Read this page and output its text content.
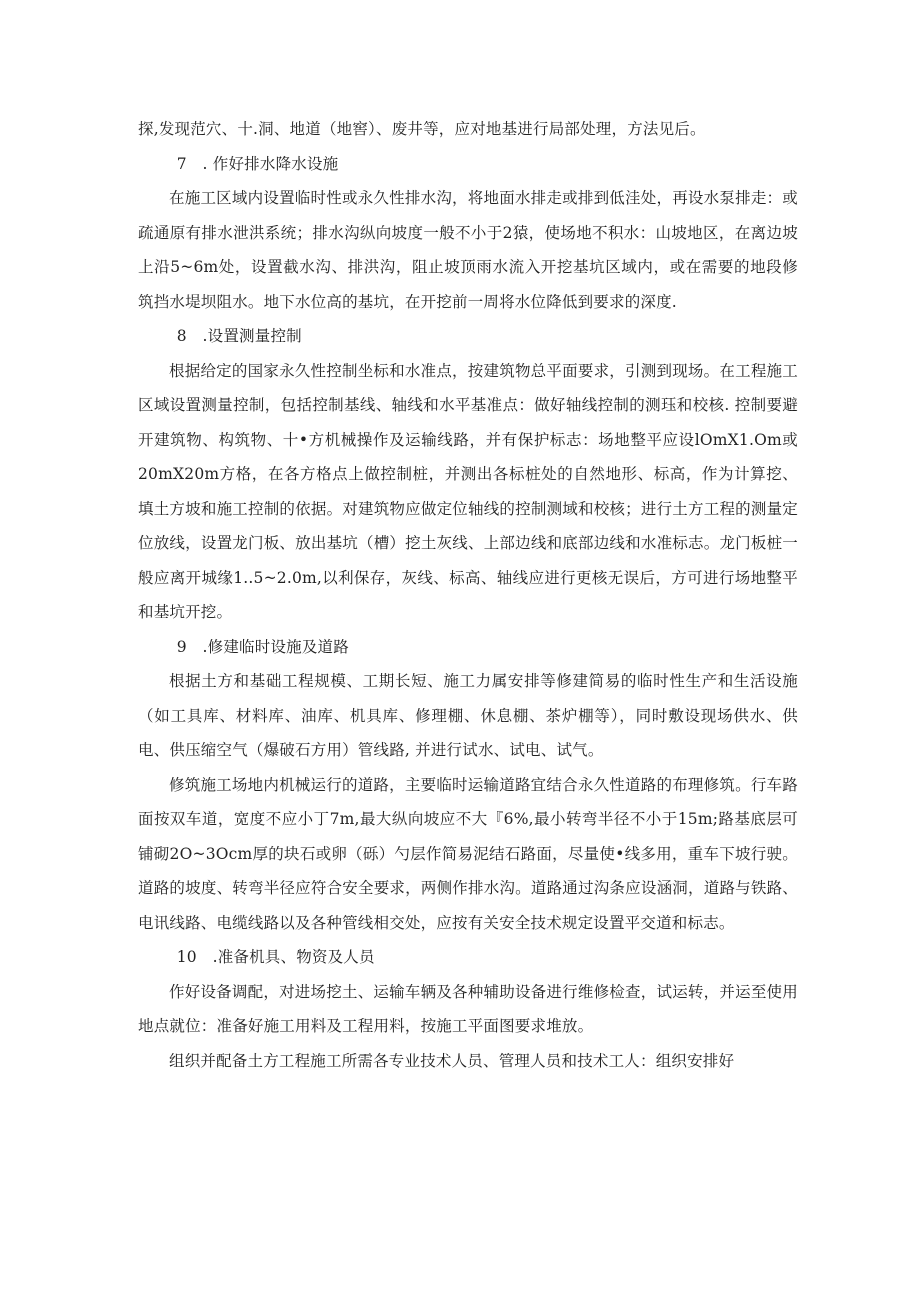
探,发现范穴、十.洞、地道（地窖）、废井等，应对地基进行局部处理，方法见后。

7　. 作好排水降水设施

在施工区域内设置临时性或永久性排水沟，将地面水排走或排到低洼处，再设水泵排走：或疏通原有排水泄洪系统；排水沟纵向坡度一般不小于2猿，使场地不积水：山坡地区，在离边坡上沿5~6m处，设置截水沟、排洪沟，阻止坡顶雨水流入开挖基坑区域内，或在需要的地段修筑挡水堤坝阻水。地下水位高的基坑，在开挖前一周将水位降低到要求的深度.

8　.设置测量控制

根据给定的国家永久性控制坐标和水准点，按建筑物总平面要求，引测到现场。在工程施工区域设置测量控制，包括控制基线、轴线和水平基准点：做好轴线控制的测珏和校核. 控制要避开建筑物、构筑物、十•方机械操作及运输线路，并有保护标志：场地整平应设lOmX1.Om或20mX20m方格，在各方格点上做控制桩，并测出各标桩处的自然地形、标高，作为计算挖、填土方坡和施工控制的依据。对建筑物应做定位轴线的控制测域和校核；进行土方工程的测量定位放线，设置龙门板、放出基坑（槽）挖土灰线、上部边线和底部边线和水准标志。龙门板桩一般应离开城缘1..5~2.0m,以利保存，灰线、标高、轴线应进行更核无误后，方可进行场地整平和基坑开挖。

9　.修建临时设施及道路

根据土方和基础工程规模、工期长短、施工力属安排等修建简易的临时性生产和生活设施（如工具库、材料库、油库、机具库、修理棚、休息棚、茶炉棚等），同时敷设现场供水、供电、供压缩空气（爆破石方用）管线路, 并进行试水、试电、试气。

修筑施工场地内机械运行的道路，主要临时运输道路宜结合永久性道路的布理修筑。行车路面按双车道，宽度不应小丁7m,最大纵向坡应不大『6%,最小转弯半径不小于15m;路基底层可铺砌2O~3Ocm厚的块石或卵（砾）勺层作简易泥结石路面，尽量使•线多用，重车下坡行驶。道路的坡度、转弯半径应符合安全要求，两侧作排水沟。道路通过沟条应设涵洞，道路与铁路、电讯线路、电缆线路以及各种管线相交处，应按有关安全技术规定设置平交道和标志。

10　.准备机具、物资及人员

作好设备调配，对进场挖土、运输车辆及各种辅助设备进行维修检查，试运转，并运至使用地点就位：准备好施工用料及工程用料，按施工平面图要求堆放。

组织并配备土方工程施工所需各专业技术人员、管理人员和技术工人：组织安排好
